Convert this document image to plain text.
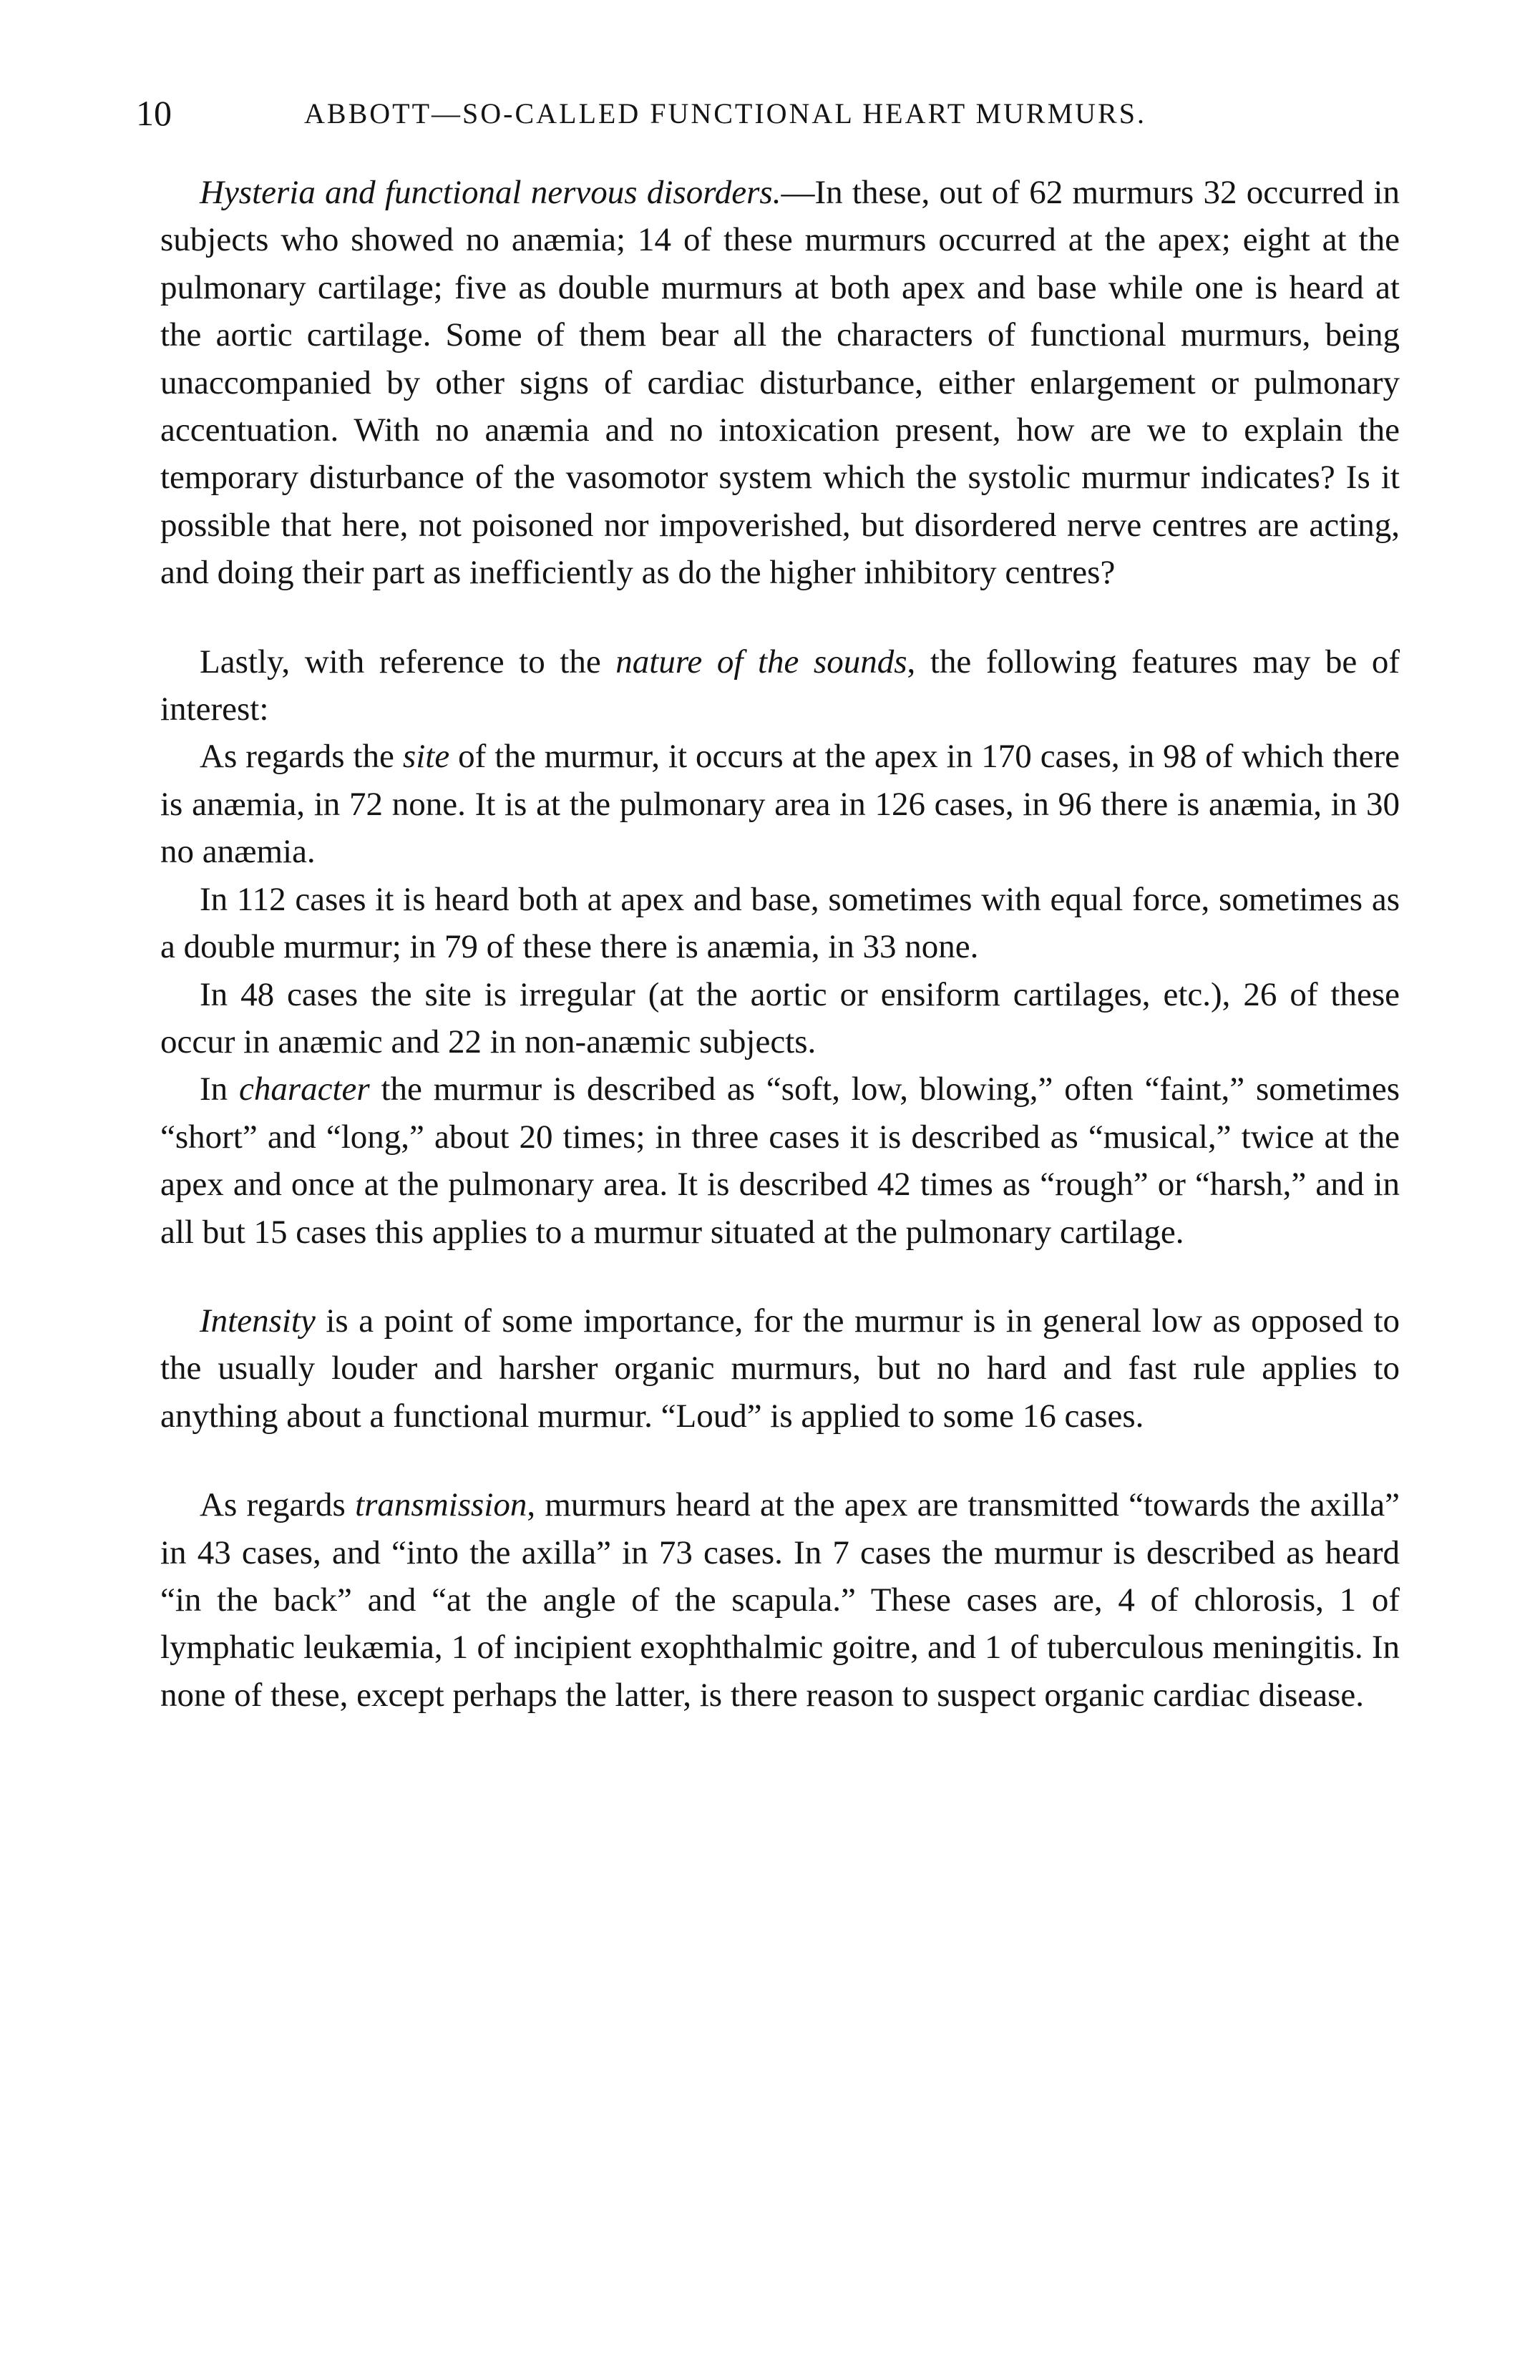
10	ABBOTT—SO-CALLED FUNCTIONAL HEART MURMURS.

Hysteria and functional nervous disorders.—In these, out of 62 murmurs 32 occurred in subjects who showed no anæmia; 14 of these murmurs occurred at the apex; eight at the pulmonary cartilage; five as double murmurs at both apex and base while one is heard at the aortic cartilage. Some of them bear all the characters of functional murmurs, being unaccompanied by other signs of cardiac disturbance, either enlargement or pulmonary accentuation. With no anæmia and no intoxication present, how are we to explain the temporary disturbance of the vasomotor system which the systolic murmur indicates? Is it possible that here, not poisoned nor impoverished, but disordered nerve centres are acting, and doing their part as inefficiently as do the higher inhibitory centres?

Lastly, with reference to the nature of the sounds, the following features may be of interest:

As regards the site of the murmur, it occurs at the apex in 170 cases, in 98 of which there is anæmia, in 72 none. It is at the pulmonary area in 126 cases, in 96 there is anæmia, in 30 no anæmia.

In 112 cases it is heard both at apex and base, sometimes with equal force, sometimes as a double murmur; in 79 of these there is anæmia, in 33 none.

In 48 cases the site is irregular (at the aortic or ensiform cartilages, etc.), 26 of these occur in anæmic and 22 in non-anæmic subjects.

In character the murmur is described as “soft, low, blowing,” often “faint,” sometimes “short” and “long,” about 20 times; in three cases it is described as “musical,” twice at the apex and once at the pulmonary area. It is described 42 times as “rough” or “harsh,” and in all but 15 cases this applies to a murmur situated at the pulmonary cartilage.

Intensity is a point of some importance, for the murmur is in general low as opposed to the usually louder and harsher organic murmurs, but no hard and fast rule applies to anything about a functional murmur. “Loud” is applied to some 16 cases.

As regards transmission, murmurs heard at the apex are transmitted “towards the axilla” in 43 cases, and “into the axilla” in 73 cases. In 7 cases the murmur is described as heard “in the back” and “at the angle of the scapula.” These cases are, 4 of chlorosis, 1 of lymphatic leukæmia, 1 of incipient exophthalmic goitre, and 1 of tuberculous meningitis. In none of these, except perhaps the latter, is there reason to suspect organic cardiac disease.
